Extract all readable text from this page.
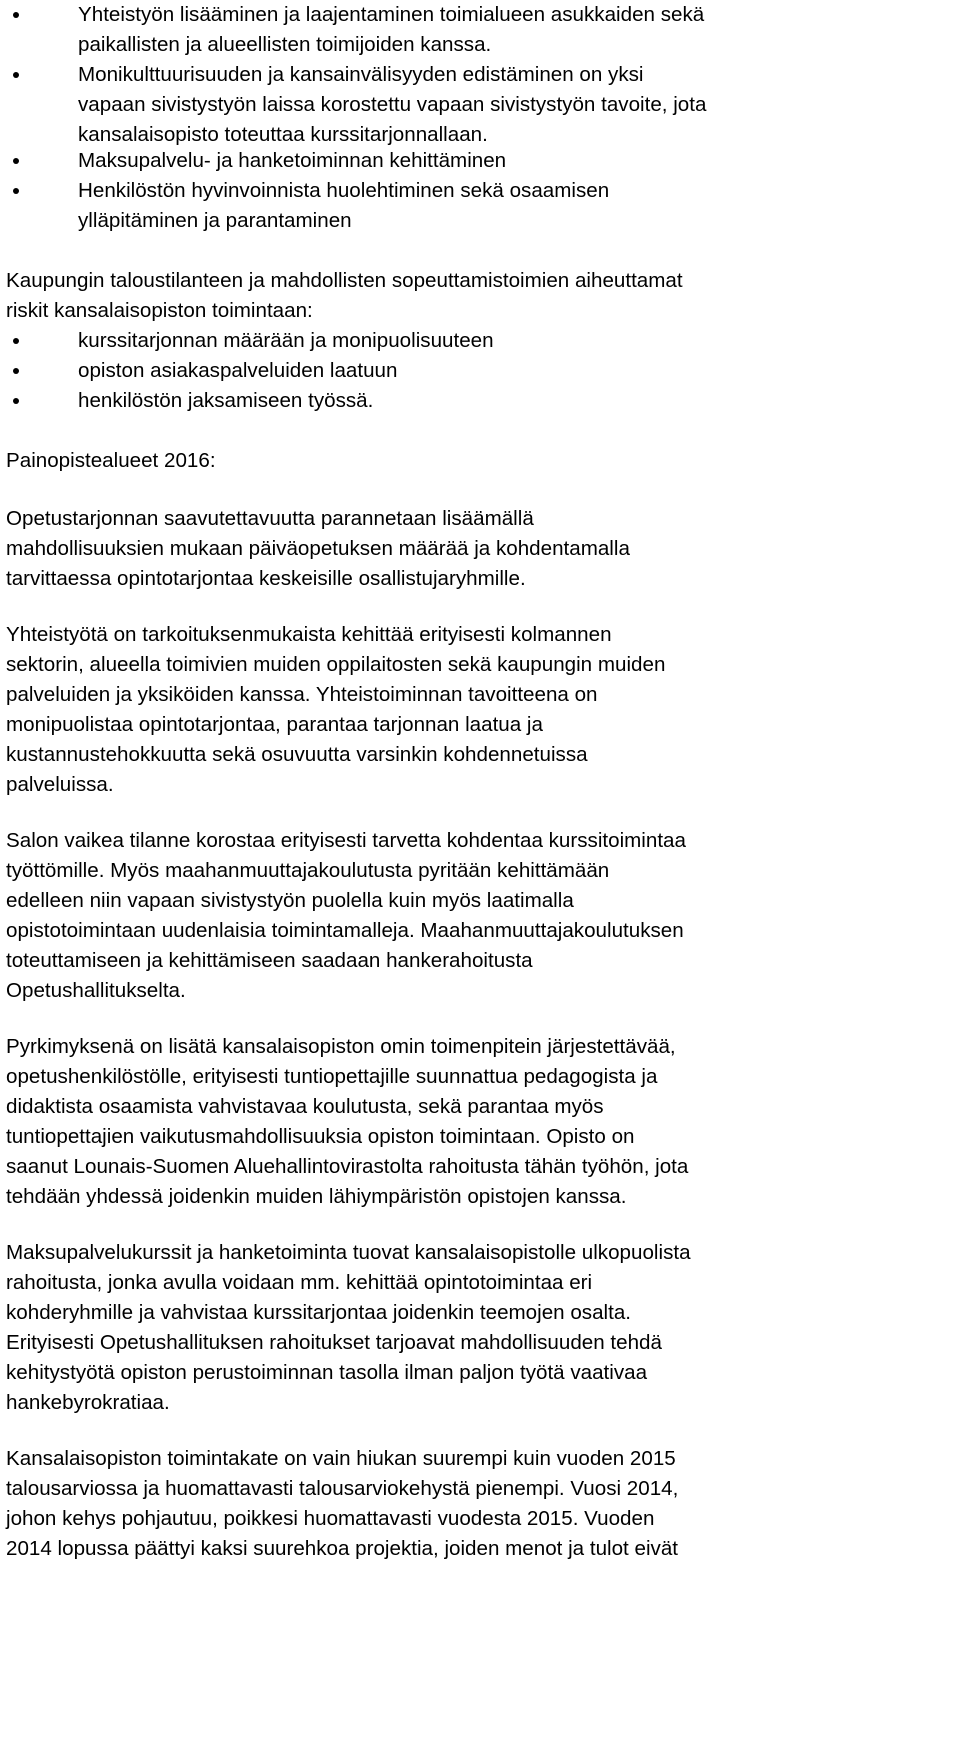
Yhteistyön lisääminen ja laajentaminen toimialueen asukkaiden sekä
paikallisten ja alueellisten toimijoiden kanssa.
Monikulttuurisuuden ja kansainvälisyyden edistäminen on yksi
vapaan sivistystyön laissa korostettu vapaan sivistystyön tavoite, jota
kansalaisopisto toteuttaa kurssitarjonnallaan.
Maksupalvelu- ja hanketoiminnan kehittäminen
Henkilöstön hyvinvoinnista huolehtiminen sekä osaamisen
ylläpitäminen ja parantaminen
Kaupungin taloustilanteen ja mahdollisten sopeuttamistoimien aiheuttamat
riskit kansalaisopiston toimintaan:
kurssitarjonnan määrään ja monipuolisuuteen
opiston asiakaspalveluiden laatuun
henkilöstön jaksamiseen työssä.
Painopistealueet 2016:
Opetustarjonnan saavutettavuutta parannetaan lisäämällä
mahdollisuuksien mukaan päiväopetuksen määrää ja kohdentamalla
tarvittaessa opintotarjontaa keskeisille osallistujaryhmille.
Yhteistyötä on tarkoituksenmukaista kehittää erityisesti kolmannen
sektorin, alueella toimivien muiden oppilaitosten sekä kaupungin muiden
palveluiden ja yksiköiden kanssa. Yhteistoiminnan tavoitteena on
monipuolistaa opintotarjontaa, parantaa tarjonnan laatua ja
kustannustehokkuutta sekä osuvuutta varsinkin kohdennetuissa
palveluissa.
Salon vaikea tilanne korostaa erityisesti tarvetta kohdentaa kurssitoimintaa
työttömille. Myös maahanmuuttajakoulutusta pyritään kehittämään
edelleen niin vapaan sivistystyön puolella kuin myös laatimalla
opistotoimintaan uudenlaisia toimintamalleja. Maahanmuuttajakoulutuksen
toteuttamiseen ja kehittämiseen saadaan hankerahoitusta
Opetushallitukselta.
Pyrkimyksenä on lisätä kansalaisopiston omin toimenpitein järjestettävää,
opetushenkilöstölle, erityisesti tuntiopettajille suunnattua pedagogista ja
didaktista osaamista vahvistavaa koulutusta, sekä parantaa myös
tuntiopettajien vaikutusmahdollisuuksia opiston toimintaan. Opisto on
saanut Lounais-Suomen Aluehallintovirastolta rahoitusta tähän työhön, jota
tehdään yhdessä joidenkin muiden lähiympäristön opistojen kanssa.
Maksupalvelukurssit ja hanketoiminta tuovat kansalaisopistolle ulkopuolista
rahoitusta, jonka avulla voidaan mm. kehittää opintotoimintaa eri
kohderyhmille ja vahvistaa kurssitarjontaa joidenkin teemojen osalta.
Erityisesti Opetushallituksen rahoitukset tarjoavat mahdollisuuden tehdä
kehitystyötä opiston perustoiminnan tasolla ilman paljon työtä vaativaa
hankebyrokratiaa.
Kansalaisopiston toimintakate on vain hiukan suurempi kuin vuoden 2015
talousarviossa ja huomattavasti talousarviokehystä pienempi. Vuosi 2014,
johon kehys pohjautuu, poikkesi huomattavasti vuodesta 2015. Vuoden
2014 lopussa päättyi kaksi suurehkoa projektia, joiden menot ja tulot eivät
